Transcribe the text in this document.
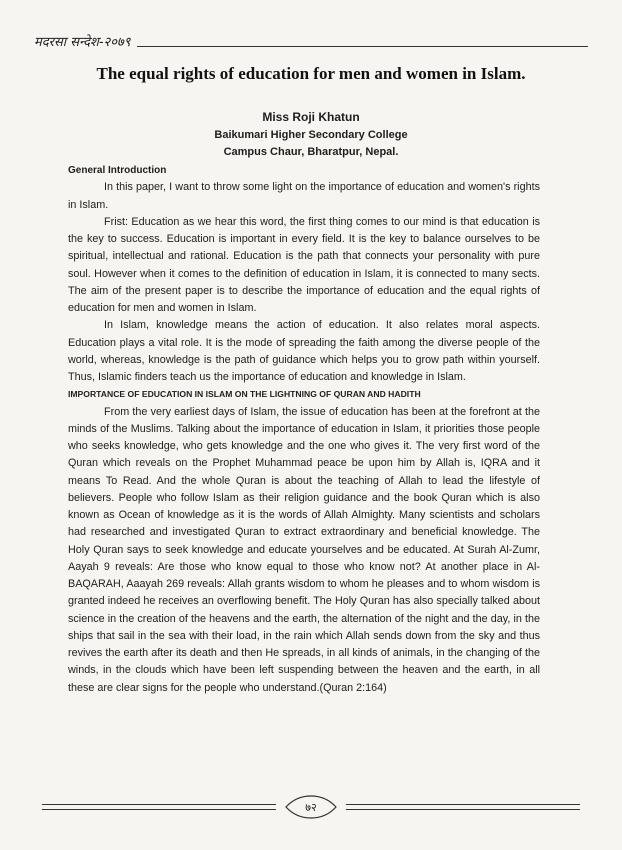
मदरसा सन्देश-२०७९
The equal rights of education for men and women in Islam.
Miss Roji Khatun
Baikumari Higher Secondary College
Campus Chaur, Bharatpur, Nepal.
General Introduction

In this paper, I want to throw some light on the importance of education and women's rights in Islam.

Frist: Education as we hear this word, the first thing comes to our mind is that education is the key to success. Education is important in every field. It is the key to balance ourselves to be spiritual, intellectual and rational. Education is the path that connects your personality with pure soul. However when it comes to the definition of education in Islam, it is connected to many sects. The aim of the present paper is to describe the importance of education and the equal rights of education for men and women in Islam.

In Islam, knowledge means the action of education. It also relates moral aspects. Education plays a vital role. It is the mode of spreading the faith among the diverse people of the world, whereas, knowledge is the path of guidance which helps you to grow path within yourself. Thus, Islamic finders teach us the importance of education and knowledge in Islam.

IMPORTANCE OF EDUCATION IN ISLAM ON THE LIGHTNING OF QURAN AND HADITH

From the very earliest days of Islam, the issue of education has been at the forefront at the minds of the Muslims. Talking about the importance of education in Islam, it priorities those people who seeks knowledge, who gets knowledge and the one who gives it. The very first word of the Quran which reveals on the Prophet Muhammad peace be upon him by Allah is, IQRA and it means To Read. And the whole Quran is about the teaching of Allah to lead the lifestyle of believers. People who follow Islam as their religion guidance and the book Quran which is also known as Ocean of knowledge as it is the words of Allah Almighty. Many scientists and scholars had researched and investigated Quran to extract extraordinary and beneficial knowledge. The Holy Quran says to seek knowledge and educate yourselves and be educated. At Surah Al-Zumr, Aayah 9 reveals: Are those who know equal to those who know not? At another place in Al-BAQARAH, Aaayah 269 reveals: Allah grants wisdom to whom he pleases and to whom wisdom is granted indeed he receives an overflowing benefit. The Holy Quran has also specially talked about science in the creation of the heavens and the earth, the alternation of the night and the day, in the ships that sail in the sea with their load, in the rain which Allah sends down from the sky and thus revives the earth after its death and then He spreads, in all kinds of animals, in the changing of the winds, in the clouds which have been left suspending between the heaven and the earth, in all these are clear signs for the people who understand.(Quran 2:164)

७२
